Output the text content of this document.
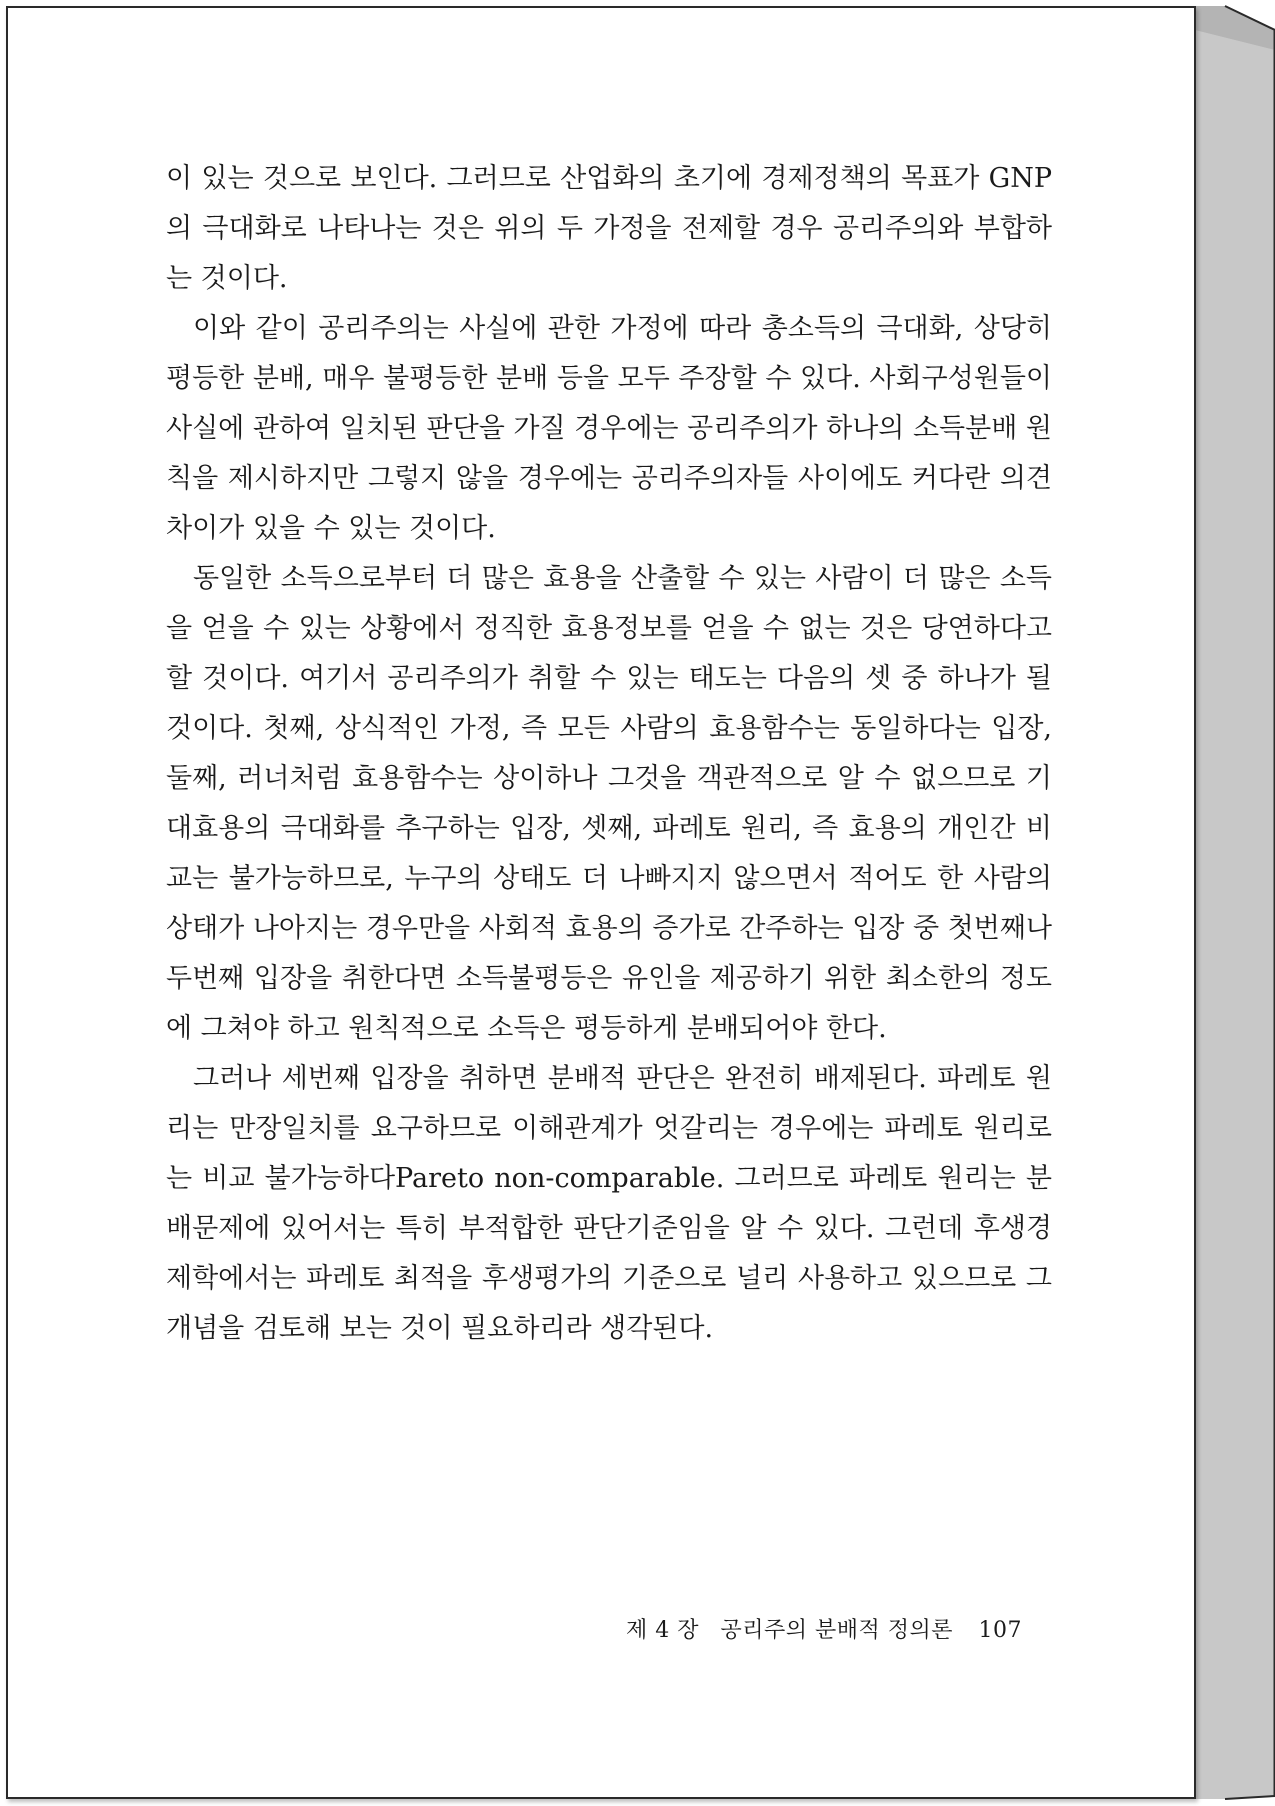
이 있는 것으로 보인다. 그러므로 산업화의 초기에 경제정책의 목표가 GNP의 극대화로 나타나는 것은 위의 두 가정을 전제할 경우 공리주의와 부합하는 것이다.

이와 같이 공리주의는 사실에 관한 가정에 따라 총소득의 극대화, 상당히 평등한 분배, 매우 불평등한 분배 등을 모두 주장할 수 있다. 사회구성원들이 사실에 관하여 일치된 판단을 가질 경우에는 공리주의가 하나의 소득분배 원칙을 제시하지만 그렇지 않을 경우에는 공리주의자들 사이에도 커다란 의견 차이가 있을 수 있는 것이다.

동일한 소득으로부터 더 많은 효용을 산출할 수 있는 사람이 더 많은 소득을 얻을 수 있는 상황에서 정직한 효용정보를 얻을 수 없는 것은 당연하다고 할 것이다. 여기서 공리주의가 취할 수 있는 태도는 다음의 셋 중 하나가 될 것이다. 첫째, 상식적인 가정, 즉 모든 사람의 효용함수는 동일하다는 입장, 둘째, 러너처럼 효용함수는 상이하나 그것을 객관적으로 알 수 없으므로 기대효용의 극대화를 추구하는 입장, 셋째, 파레토 원리, 즉 효용의 개인간 비교는 불가능하므로, 누구의 상태도 더 나빠지지 않으면서 적어도 한 사람의 상태가 나아지는 경우만을 사회적 효용의 증가로 간주하는 입장 중 첫번째나 두번째 입장을 취한다면 소득불평등은 유인을 제공하기 위한 최소한의 정도에 그쳐야 하고 원칙적으로 소득은 평등하게 분배되어야 한다.

그러나 세번째 입장을 취하면 분배적 판단은 완전히 배제된다. 파레토 원리는 만장일치를 요구하므로 이해관계가 엇갈리는 경우에는 파레토 원리로는 비교 불가능하다Pareto non-comparable. 그러므로 파레토 원리는 분배문제에 있어서는 특히 부적합한 판단기준임을 알 수 있다. 그런데 후생경제학에서는 파레토 최적을 후생평가의 기준으로 널리 사용하고 있으므로 그 개념을 검토해 보는 것이 필요하리라 생각된다.

제 4 장 공리주의 분배적 정의론 107
